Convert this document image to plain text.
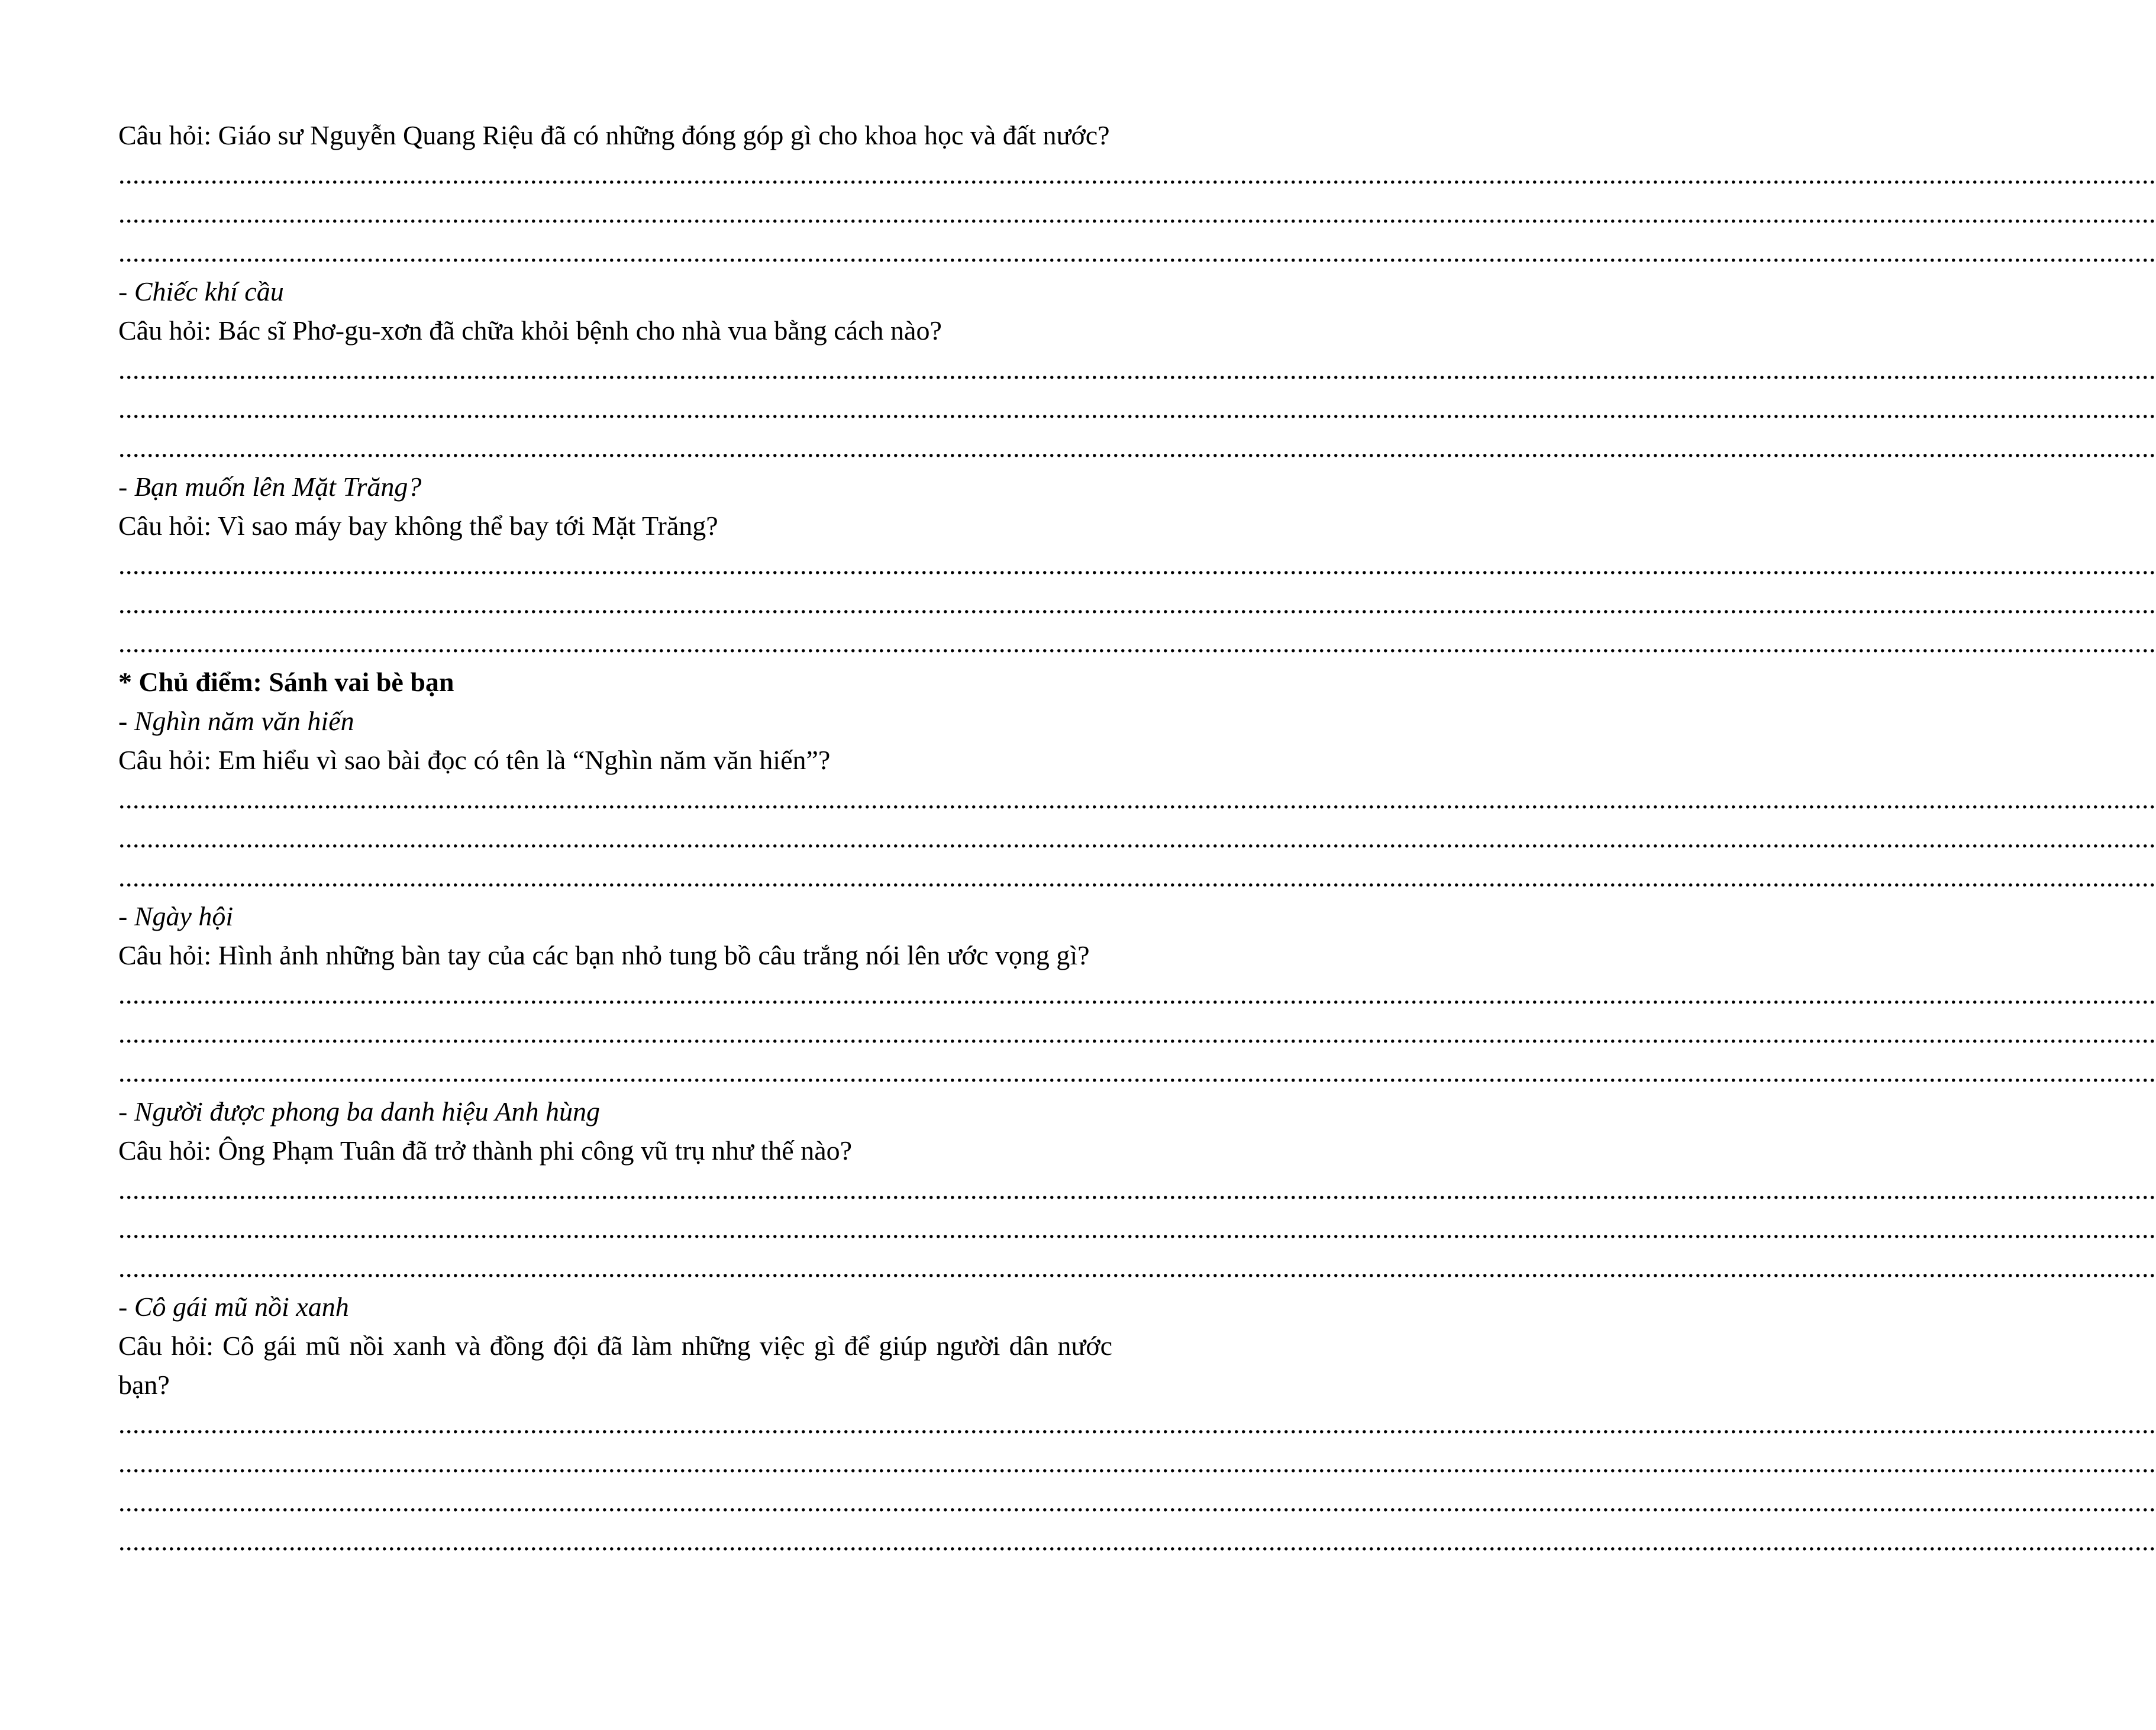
Câu hỏi: Giáo sư Nguyễn Quang Riệu đã có những đóng góp gì cho khoa học và đất nước?

...............................................................................................................................................................................................................................................................................................
...............................................................................................................................................................................................................................................................................................
...............................................................................................................................................................................................................................................................................................
- Chiếc khí cầu

Câu hỏi: Bác sĩ Phơ-gu-xơn đã chữa khỏi bệnh cho nhà vua bằng cách nào?

...............................................................................................................................................................................................................................................................................................
...............................................................................................................................................................................................................................................................................................
...............................................................................................................................................................................................................................................................................................
- Bạn muốn lên Mặt Trăng?

Câu hỏi: Vì sao máy bay không thể bay tới Mặt Trăng?

...............................................................................................................................................................................................................................................................................................
...............................................................................................................................................................................................................................................................................................
...............................................................................................................................................................................................................................................................................................
* Chủ điểm: Sánh vai bè bạn
- Nghìn năm văn hiến

Câu hỏi: Em hiểu vì sao bài đọc có tên là “Nghìn năm văn hiến”?

...............................................................................................................................................................................................................................................................................................
...............................................................................................................................................................................................................................................................................................
...............................................................................................................................................................................................................................................................................................
- Ngày hội

Câu hỏi: Hình ảnh những bàn tay của các bạn nhỏ tung bồ câu trắng nói lên ước vọng gì?

...............................................................................................................................................................................................................................................................................................
...............................................................................................................................................................................................................................................................................................
...............................................................................................................................................................................................................................................................................................
- Người được phong ba danh hiệu Anh hùng

Câu hỏi: Ông Phạm Tuân đã trở thành phi công vũ trụ như thế nào?

...............................................................................................................................................................................................................................................................................................
...............................................................................................................................................................................................................................................................................................
...............................................................................................................................................................................................................................................................................................
- Cô gái mũ nồi xanh

Câu hỏi: Cô gái mũ nồi xanh và đồng đội đã làm những việc gì để giúp người dân nước bạn?

...............................................................................................................................................................................................................................................................................................
...............................................................................................................................................................................................................................................................................................
...............................................................................................................................................................................................................................................................................................
...............................................................................................................................................................................................................................................................................................
